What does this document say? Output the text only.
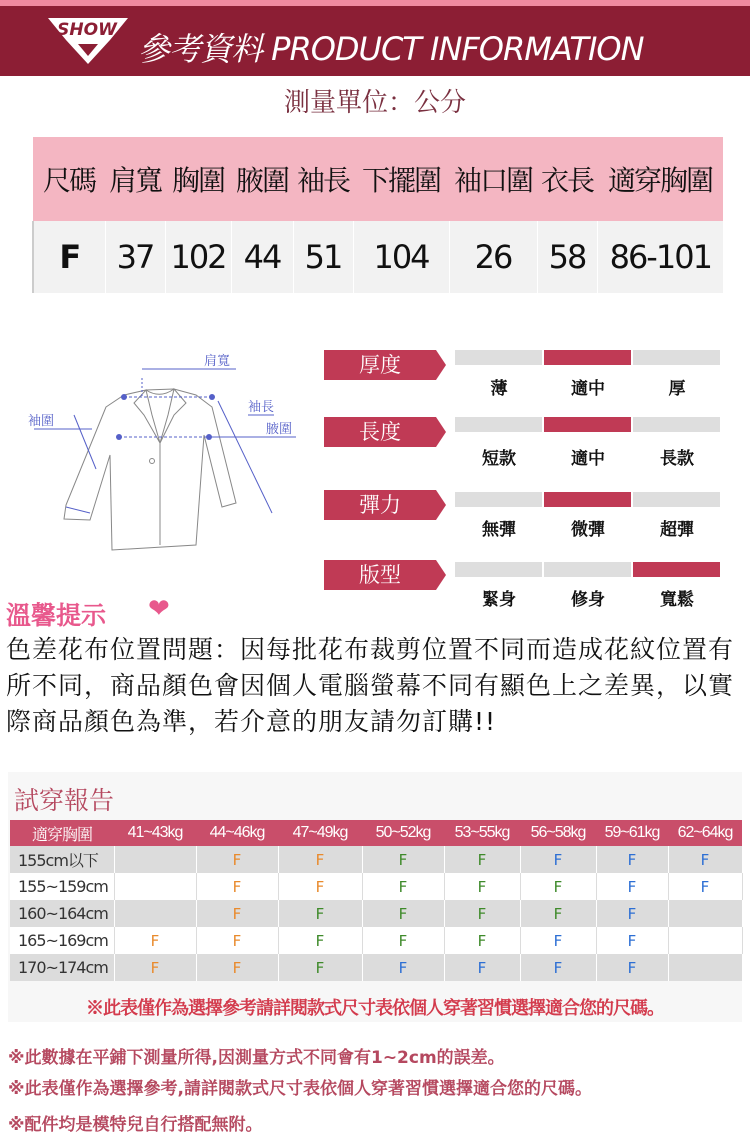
SHOW 參考資料 PRODUCT INFORMATION
測量單位：公分
尺碼	肩寬	胸圍	腋圍	袖長	下擺圍	袖口圍	衣長	適穿胸圍
F	37	102	44	51	104	26	58	86-101
肩寬
袖圍
袖長
腋圍
厚度
薄	適中	厚
長度
短款	適中	長款
彈力
無彈	微彈	超彈
版型
緊身	修身	寬鬆
溫馨提示 ❤
色差花布位置問題：因每批花布裁剪位置不同而造成花紋位置有所不同，商品顏色會因個人電腦螢幕不同有顯色上之差異，以實際商品顏色為準，若介意的朋友請勿訂購!!
試穿報告
適穿胸圍	41~43kg	44~46kg	47~49kg	50~52kg	53~55kg	56~58kg	59~61kg	62~64kg
155cm以下		F	F	F	F	F	F	F
155~159cm		F	F	F	F	F	F	F
160~164cm		F	F	F	F	F	F	
165~169cm	F	F	F	F	F	F	F	
170~174cm	F	F	F	F	F	F	F	
※此表僅作為選擇參考請詳閱款式尺寸表依個人穿著習慣選擇適合您的尺碼。
※此數據在平鋪下測量所得,因測量方式不同會有1~2cm的誤差。
※此表僅作為選擇參考,請詳閱款式尺寸表依個人穿著習慣選擇適合您的尺碼。
※配件均是模特兒自行搭配無附。
